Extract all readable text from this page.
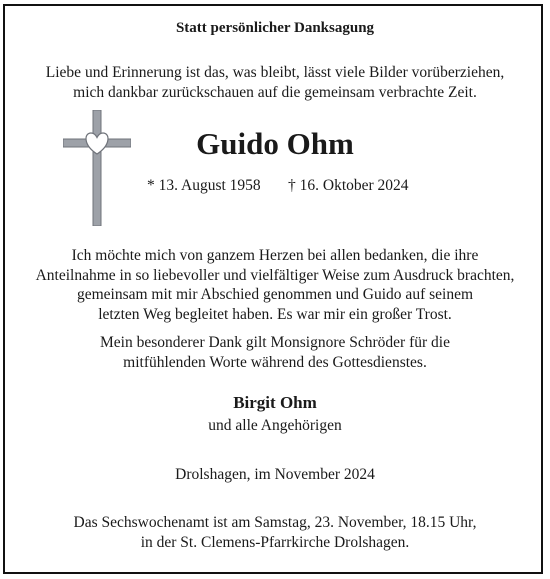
Statt persönlicher Danksagung
Liebe und Erinnerung ist das, was bleibt, lässt viele Bilder vorüberziehen,
mich dankbar zurückschauen auf die gemeinsam verbrachte Zeit.
Guido Ohm
* 13. August 1958 † 16. Oktober 2024
Ich möchte mich von ganzem Herzen bei allen bedanken, die ihre
Anteilnahme in so liebevoller und vielfältiger Weise zum Ausdruck brachten,
gemeinsam mit mir Abschied genommen und Guido auf seinem
letzten Weg begleitet haben. Es war mir ein großer Trost.
Mein besonderer Dank gilt Monsignore Schröder für die
mitfühlenden Worte während des Gottesdienstes.
Birgit Ohm
und alle Angehörigen
Drolshagen, im November 2024
Das Sechswochenamt ist am Samstag, 23. November, 18.15 Uhr,
in der St. Clemens-Pfarrkirche Drolshagen.
